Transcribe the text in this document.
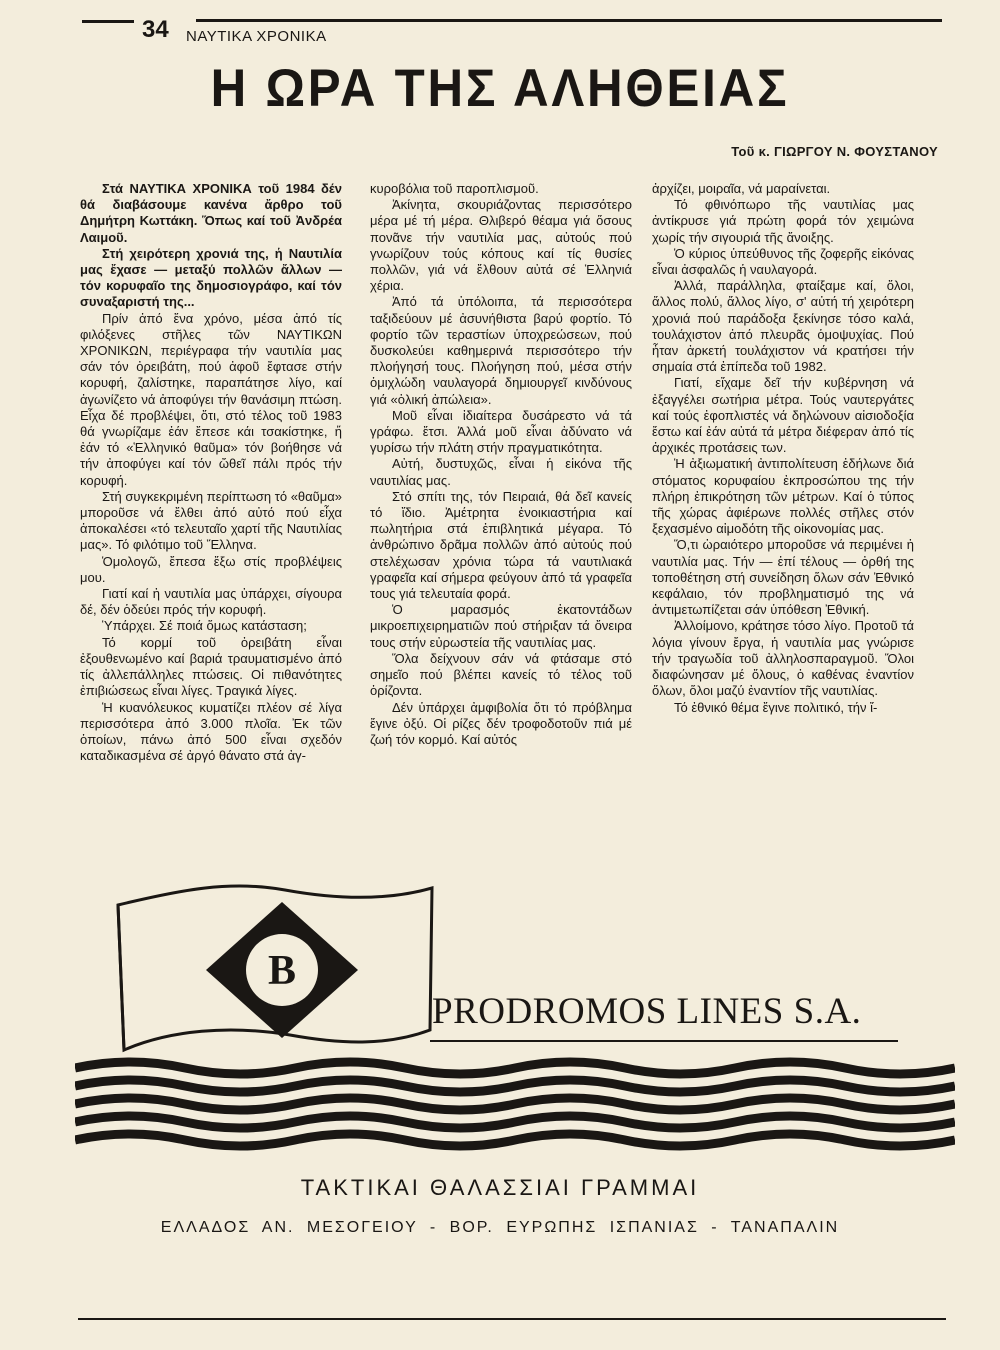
34 ΝΑΥΤΙΚΑ ΧΡΟΝΙΚΑ
Η ΩΡΑ ΤΗΣ ΑΛΗΘΕΙΑΣ
Τοῦ κ. ΓΙΩΡΓΟΥ Ν. ΦΟΥΣΤΑΝΟΥ

Στά ΝΑΥΤΙΚΑ ΧΡΟΝΙΚΑ τοῦ 1984 δέν θά διαβάσουμε κανένα ἄρθρο τοῦ Δημήτρη Κωττάκη. Ὅπως καί τοῦ Ἀνδρέα Λαιμοῦ.

Στή χειρότερη χρονιά της, ἡ Ναυτιλία μας ἔχασε — μεταξύ πολλῶν ἄλλων — τόν κορυφαῖο της δημοσιογράφο, καί τόν συναξαριστή της...

Πρίν ἀπό ἕνα χρόνο, μέσα ἀπό τίς φιλόξενες στῆλες τῶν ΝΑΥΤΙΚΩΝ ΧΡΟΝΙΚΩΝ, περιέγραφα τήν ναυτιλία μας σάν τόν ὀρειβάτη, πού ἀφοῦ ἔφτασε στήν κορυφή, ζαλίστηκε, παραπάτησε λίγο, καί ἀγωνίζετο νά ἀποφύγει τήν θανάσιμη πτώση. Εἶχα δέ προβλέψει, ὅτι, στό τέλος τοῦ 1983 θά γνωρίζαμε ἐάν ἔπεσε κάι τσακίστηκε, ἤ ἐάν τό «Ἑλληνικό θαῦμα» τόν βοήθησε νά τήν ἀποφύγει καί τόν ὤθεῖ πάλι πρός τήν κορυφή.

Στή συγκεκριμένη περίπτωση τό «θαῦμα» μποροῦσε νά ἔλθει ἀπό αὐτό πού εἶχα ἀποκαλέσει «τό τελευταῖο χαρτί τῆς Ναυτιλίας μας». Τό φιλότιμο τοῦ Ἕλληνα.

Ὁμολογῶ, ἔπεσα ἔξω στίς προβλέψεις μου.

Γιατί καί ἡ ναυτιλία μας ὑπάρχει, σίγουρα δέ, δέν ὁδεύει πρός τήν κορυφή.

Ὑπάρχει. Σέ ποιά ὅμως κατάσταση;

Τό κορμί τοῦ ὀρειβάτη εἶναι ἐξουθενωμένο καί βαριά τραυματισμένο ἀπό τίς ἀλλεπάλληλες πτώσεις. Οἱ πιθανότητες ἐπιβιώσεως εἶναι λίγες. Τραγικά λίγες.

Ἡ κυανόλευκος κυματίζει πλέον σέ λίγα περισσότερα ἀπό 3.000 πλοῖα. Ἐκ τῶν ὁποίων, πάνω ἀπό 500 εἶναι σχεδόν καταδικασμένα σέ ἀργό θάνατο στά ἀγ-

κυροβόλια τοῦ παροπλισμοῦ.

Ἀκίνητα, σκουριάζοντας περισσότερο μέρα μέ τή μέρα. Θλιβερό θέαμα γιά ὅσους πονᾶνε τήν ναυτιλία μας, αὐτούς πού γνωρίζουν τούς κόπους καί τίς θυσίες πολλῶν, γιά νά ἔλθουν αὐτά σέ Ἑλληνιά χέρια.

Ἀπό τά ὑπόλοιπα, τά περισσότερα ταξιδεύουν μέ ἀσυνήθιστα βαρύ φορτίο. Τό φορτίο τῶν τεραστίων ὑποχρεώσεων, πού δυσκολεύει καθημερινά περισσότερο τήν πλοήγησή τους. Πλοήγηση πού, μέσα στήν ὁμιχλώδη ναυλαγορά δημιουργεῖ κινδύνους γιά «ὁλική ἀπώλεια».

Μοῦ εἶναι ἰδιαίτερα δυσάρεστο νά τά γράφω. ἔτσι. Ἀλλά μοῦ εἶναι ἀδύνατο νά γυρίσω τήν πλάτη στήν πραγματικότητα.

Αὐτή, δυστυχῶς, εἶναι ἡ εἰκόνα τῆς ναυτιλίας μας.

Στό σπίτι της, τόν Πειραιά, θά δεῖ κανείς τό ἴδιο. Ἀμέτρητα ἐνοικιαστήρια καί πωλητήρια στά ἐπιβλητικά μέγαρα. Τό ἀνθρώπινο δρᾶμα πολλῶν ἀπό αὐτούς πού στελέχωσαν χρόνια τώρα τά ναυτιλιακά γραφεῖα καί σήμερα φεύγουν ἀπό τά γραφεῖα τους γιά τελευταία φορά.

Ὁ μαρασμός ἑκατοντάδων μικροεπιχειρηματιῶν πού στήριξαν τά ὄνειρα τους στήν εὐρωστεία τῆς ναυτιλίας μας.

Ὅλα δείχνουν σάν νά φτάσαμε στό σημεῖο πού βλέπει κανείς τό τέλος τοῦ ὁρίζοντα.

Δέν ὑπάρχει ἀμφιβολία ὅτι τό πρόβλημα ἔγινε ὀξύ. Οἱ ρίζες δέν τροφοδοτοῦν πιά μέ ζωή τόν κορμό. Καί αὐτός

ἀρχίζει, μοιραῖα, νά μαραίνεται.

Τό φθινόπωρο τῆς ναυτιλίας μας ἀντίκρυσε γιά πρώτη φορά τόν χειμώνα χωρίς τήν σιγουριά τῆς ἄνοιξης.

Ὁ κύριος ὑπεύθυνος τῆς ζοφερῆς εἰκόνας εἶναι ἀσφαλῶς ἡ ναυλαγορά.

Ἀλλά, παράλληλα, φταίξαμε καί, ὅλοι, ἄλλος πολύ, ἄλλος λίγο, σ' αὐτή τή χειρότερη χρονιά πού παράδοξα ξεκίνησε τόσο καλά, τουλάχιστον ἀπό πλευρᾶς ὁμοψυχίας. Πού ἦταν ἀρκετή τουλάχιστον νά κρατήσει τήν σημαία στά ἐπίπεδα τοῦ 1982.

Γιατί, εἴχαμε δεῖ τήν κυβέρνηση νά ἐξαγγέλει σωτήρια μέτρα. Τούς ναυτεργάτες καί τούς ἐφοπλιστές νά δηλώνουν αἰσιοδοξία ἔστω καί ἐάν αὐτά τά μέτρα διέφεραν ἀπό τίς ἀρχικές προτάσεις των.

Ἡ ἀξιωματική ἀντιπολίτευση ἐδήλωνε διά στόματος κορυφαίου ἐκπροσώπου της τήν πλήρη ἐπικρότηση τῶν μέτρων. Καί ὁ τύπος τῆς χώρας ἀφιέρωνε πολλές στῆλες στόν ξεχασμένο αἱμοδότη τῆς οἰκονομίας μας.

Ὅ,τι ὡραιότερο μποροῦσε νά περιμένει ἡ ναυτιλία μας. Τήν — ἐπί τέλους — ὀρθή της τοποθέτηση στή συνείδηση ὅλων σάν Ἐθνικό κεφάλαιο, τόν προβληματισμό της νά ἀντιμετωπίζεται σάν ὑπόθεση Ἐθνική.

Ἀλλοίμονο, κράτησε τόσο λίγο. Προτοῦ τά λόγια γίνουν ἔργα, ἡ ναυτιλία μας γνώρισε τήν τραγωδία τοῦ ἀλληλοσπαραγμοῦ. Ὅλοι διαφώνησαν μέ ὅλους, ὁ καθένας ἐναντίον ὅλων, ὅλοι μαζύ ἐναντίον τῆς ναυτιλίας.

Τό ἐθνικό θέμα ἔγινε πολιτικό, τήν ἴ-

B
PRODROMOS LINES S.A.
ΤΑΚΤΙΚΑΙ ΘΑΛΑΣΣΙΑΙ ΓΡΑΜΜΑΙ
ΕΛΛΑΔΟΣ ΑΝ. ΜΕΣΟΓΕΙΟΥ - ΒΟΡ. ΕΥΡΩΠΗΣ ΙΣΠΑΝΙΑΣ - ΤΑΝΑΠΑΛΙΝ
